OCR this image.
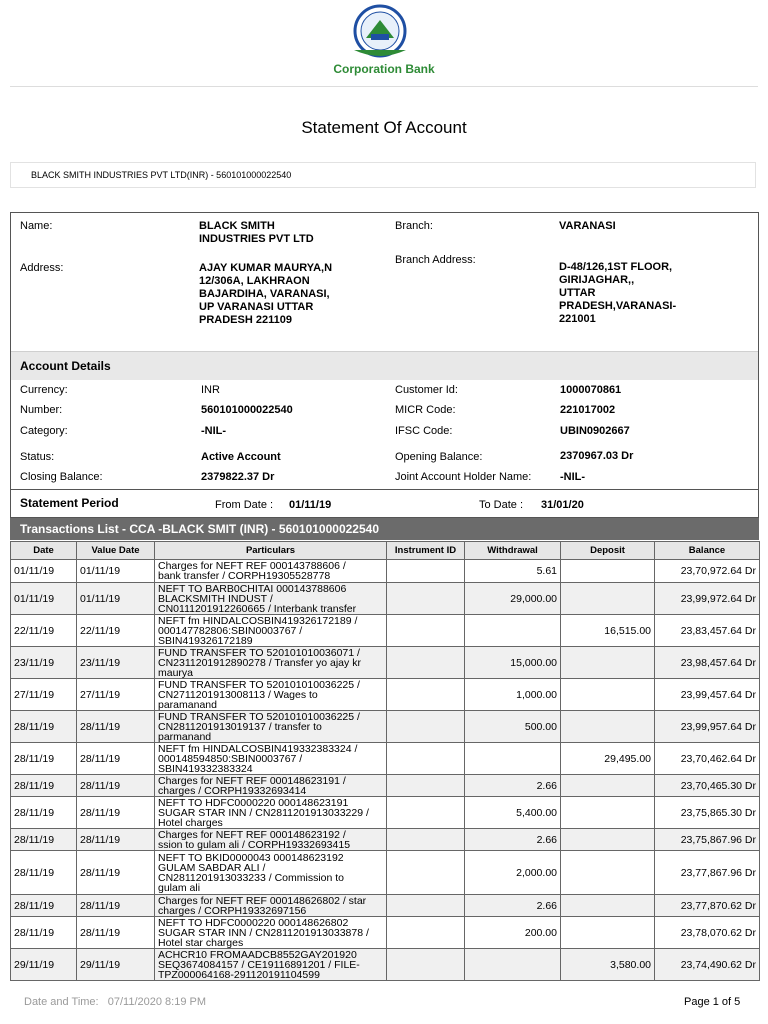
Corporation Bank
Statement Of Account
BLACK SMITH INDUSTRIES PVT LTD(INR) - 560101000022540
Name:	BLACK SMITH
INDUSTRIES PVT LTD
Branch:	VARANASI
Address:	AJAY KUMAR MAURYA,N
12/306A, LAKHRAON
BAJARDIHA, VARANASI,
UP VARANASI UTTAR
PRADESH 221109
Branch Address:
D-48/126,1ST FLOOR,
GIRIJAGHAR,,
UTTAR
PRADESH,VARANASI-
221001
Account Details
Currency:	INR	Customer Id:	1000070861
Number:	560101000022540	MICR Code:	221017002
Category:	-NIL-	IFSC Code:	UBIN0902667
Status:	Active Account	Opening Balance:	2370967.03 Dr
Closing Balance:	2379822.37 Dr	Joint Account Holder Name:	-NIL-
Statement Period	From Date : 01/11/19	To Date : 31/01/20
Transactions List - CCA -BLACK SMIT (INR) - 560101000022540
Date	Value Date	Particulars	Instrument ID	Withdrawal	Deposit	Balance
01/11/19	01/11/19	Charges for NEFT REF 000143788606 /
bank transfer / CORPH19305528778		5.61		23,70,972.64 Dr
01/11/19	01/11/19	NEFT TO BARB0CHITAI 000143788606
BLACKSMITH INDUST /
CN0111201912260665 / Interbank transfer		29,000.00		23,99,972.64 Dr
22/11/19	22/11/19	NEFT fm HINDALCOSBIN419326172189 /
000147782806:SBIN0003767 /
SBIN419326172189			16,515.00	23,83,457.64 Dr
23/11/19	23/11/19	FUND TRANSFER TO 520101010036071 /
CN2311201912890278 / Transfer yo ajay kr
maurya		15,000.00		23,98,457.64 Dr
27/11/19	27/11/19	FUND TRANSFER TO 520101010036225 /
CN2711201913008113 / Wages to
paramanand		1,000.00		23,99,457.64 Dr
28/11/19	28/11/19	FUND TRANSFER TO 520101010036225 /
CN2811201913019137 / transfer to
parmanand		500.00		23,99,957.64 Dr
28/11/19	28/11/19	NEFT fm HINDALCOSBIN419332383324 /
000148594850:SBIN0003767 /
SBIN419332383324			29,495.00	23,70,462.64 Dr
28/11/19	28/11/19	Charges for NEFT REF 000148623191 /
charges / CORPH19332693414		2.66		23,70,465.30 Dr
28/11/19	28/11/19	NEFT TO HDFC0000220 000148623191
SUGAR STAR INN / CN2811201913033229 /
Hotel charges		5,400.00		23,75,865.30 Dr
28/11/19	28/11/19	Charges for NEFT REF 000148623192 /
ssion to gulam ali / CORPH19332693415		2.66		23,75,867.96 Dr
28/11/19	28/11/19	NEFT TO BKID0000043 000148623192
GULAM SABDAR ALI /
CN2811201913033233 / Commission to
gulam ali		2,000.00		23,77,867.96 Dr
28/11/19	28/11/19	Charges for NEFT REF 000148626802 / star
charges / CORPH19332697156		2.66		23,77,870.62 Dr
28/11/19	28/11/19	NEFT TO HDFC0000220 000148626802
SUGAR STAR INN / CN2811201913033878 /
Hotel star charges		200.00		23,78,070.62 Dr
29/11/19	29/11/19	ACHCR10 FROMAADCB8552GAY201920
SEQ3674084157 / CE19116891201 / FILE-
TPZ000064168-291120191104599			3,580.00	23,74,490.62 Dr
Date and Time: 07/11/2020 8:19 PM	Page 1 of 5
